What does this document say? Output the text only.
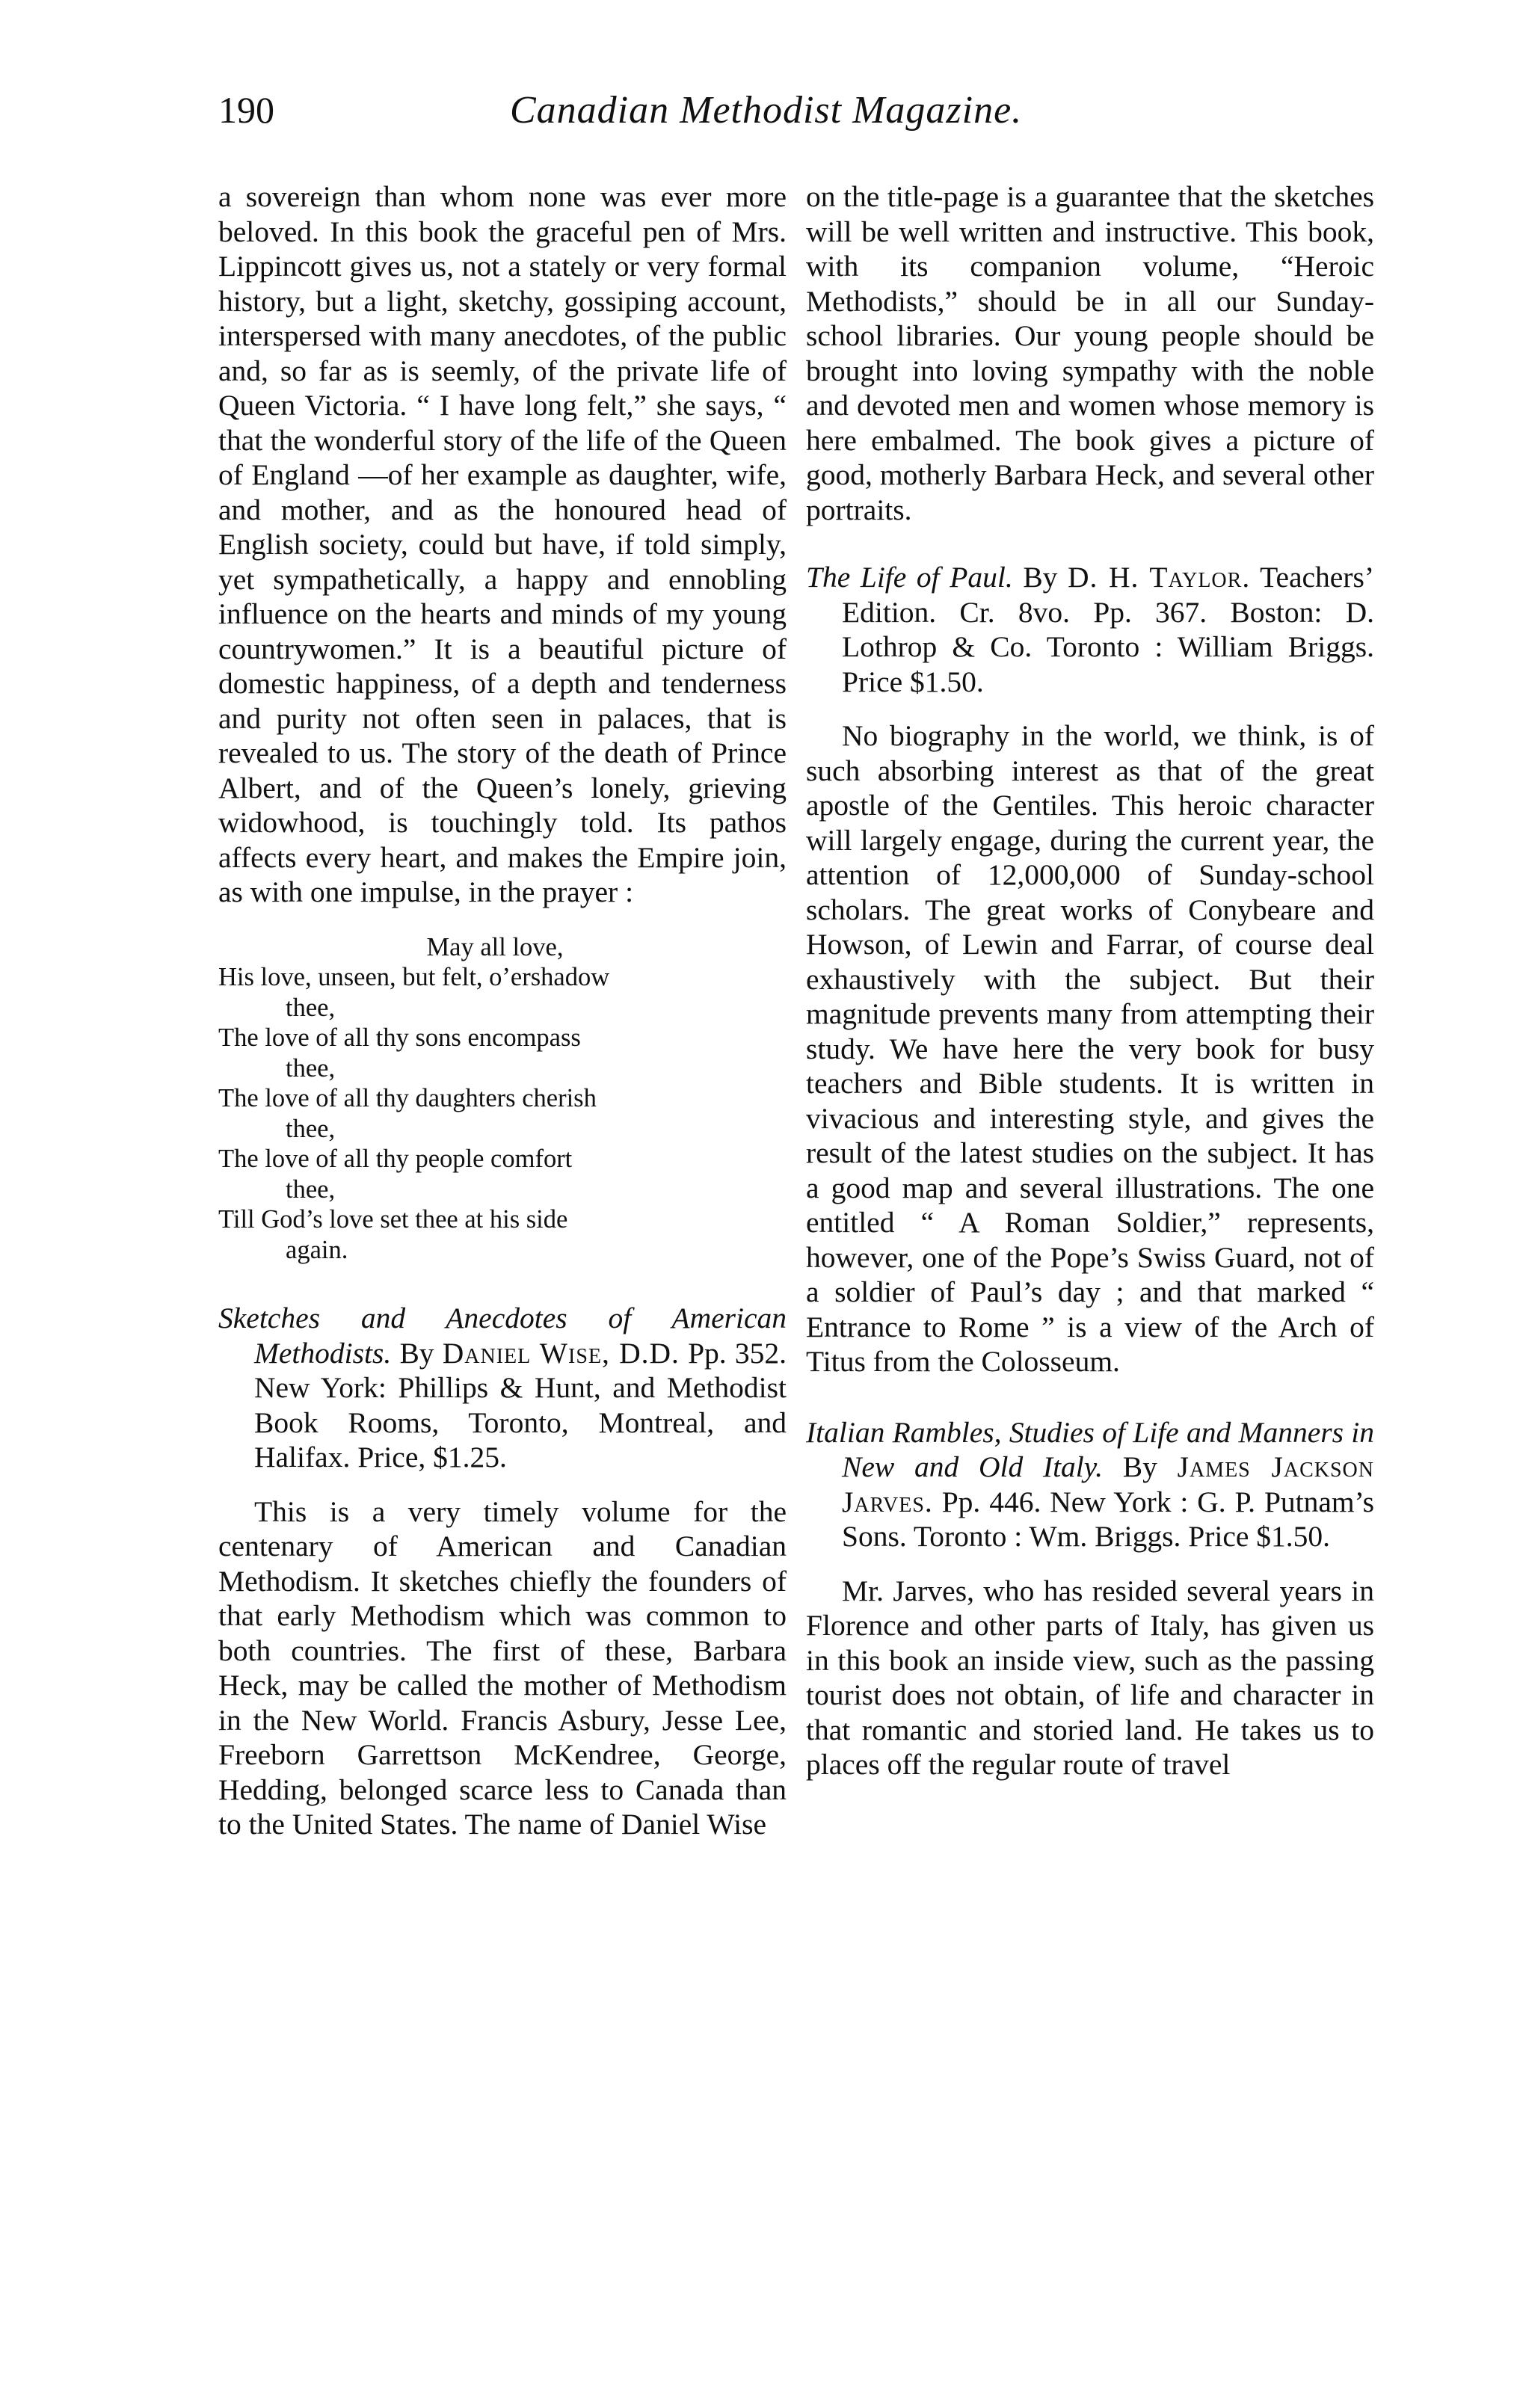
190	Canadian Methodist Magazine.

a sovereign than whom none was ever more beloved. In this book the graceful pen of Mrs. Lippincott gives us, not a stately or very formal history, but a light, sketchy, gossiping account, interspersed with many anecdotes, of the public and, so far as is seemly, of the private life of Queen Victoria. “ I have long felt,” she says, “ that the wonderful story of the life of the Queen of England —of her example as daughter, wife, and mother, and as the honoured head of English society, could but have, if told simply, yet sympathetically, a happy and ennobling influence on the hearts and minds of my young countrywomen.” It is a beautiful picture of domestic happiness, of a depth and tenderness and purity not often seen in palaces, that is revealed to us. The story of the death of Prince Albert, and of the Queen’s lonely, grieving widowhood, is touchingly told. Its pathos affects every heart, and makes the Empire join, as with one impulse, in the prayer :

May all love,
His love, unseen, but felt, o’ershadow
thee,
The love of all thy sons encompass
thee,
The love of all thy daughters cherish
thee,
The love of all thy people comfort
thee,
Till God’s love set thee at his side
again.

Sketches and Anecdotes of American Methodists. By Daniel Wise, D.D. Pp. 352. New York: Phillips & Hunt, and Methodist Book Rooms, Toronto, Montreal, and Halifax. Price, $1.25.

This is a very timely volume for the centenary of American and Canadian Methodism. It sketches chiefly the founders of that early Methodism which was common to both countries. The first of these, Barbara Heck, may be called the mother of Methodism in the New World. Francis Asbury, Jesse Lee, Freeborn Garrettson McKendree, George, Hedding, belonged scarce less to Canada than to the United States. The name of Daniel Wise

on the title-page is a guarantee that the sketches will be well written and instructive. This book, with its companion volume, “Heroic Methodists,” should be in all our Sunday-school libraries. Our young people should be brought into loving sympathy with the noble and devoted men and women whose memory is here embalmed. The book gives a picture of good, motherly Barbara Heck, and several other portraits.

The Life of Paul. By D. H. Taylor. Teachers’ Edition. Cr. 8vo. Pp. 367. Boston: D. Lothrop & Co. Toronto : William Briggs. Price $1.50.

No biography in the world, we think, is of such absorbing interest as that of the great apostle of the Gentiles. This heroic character will largely engage, during the current year, the attention of 12,000,000 of Sunday-school scholars. The great works of Conybeare and Howson, of Lewin and Farrar, of course deal exhaustively with the subject. But their magnitude prevents many from attempting their study. We have here the very book for busy teachers and Bible students. It is written in vivacious and interesting style, and gives the result of the latest studies on the subject. It has a good map and several illustrations. The one entitled “ A Roman Soldier,” represents, however, one of the Pope’s Swiss Guard, not of a soldier of Paul’s day ; and that marked “ Entrance to Rome ” is a view of the Arch of Titus from the Colosseum.

Italian Rambles, Studies of Life and Manners in New and Old Italy. By James Jackson Jarves. Pp. 446. New York : G. P. Putnam’s Sons. Toronto : Wm. Briggs. Price $1.50.

Mr. Jarves, who has resided several years in Florence and other parts of Italy, has given us in this book an inside view, such as the passing tourist does not obtain, of life and character in that romantic and storied land. He takes us to places off the regular route of travel
